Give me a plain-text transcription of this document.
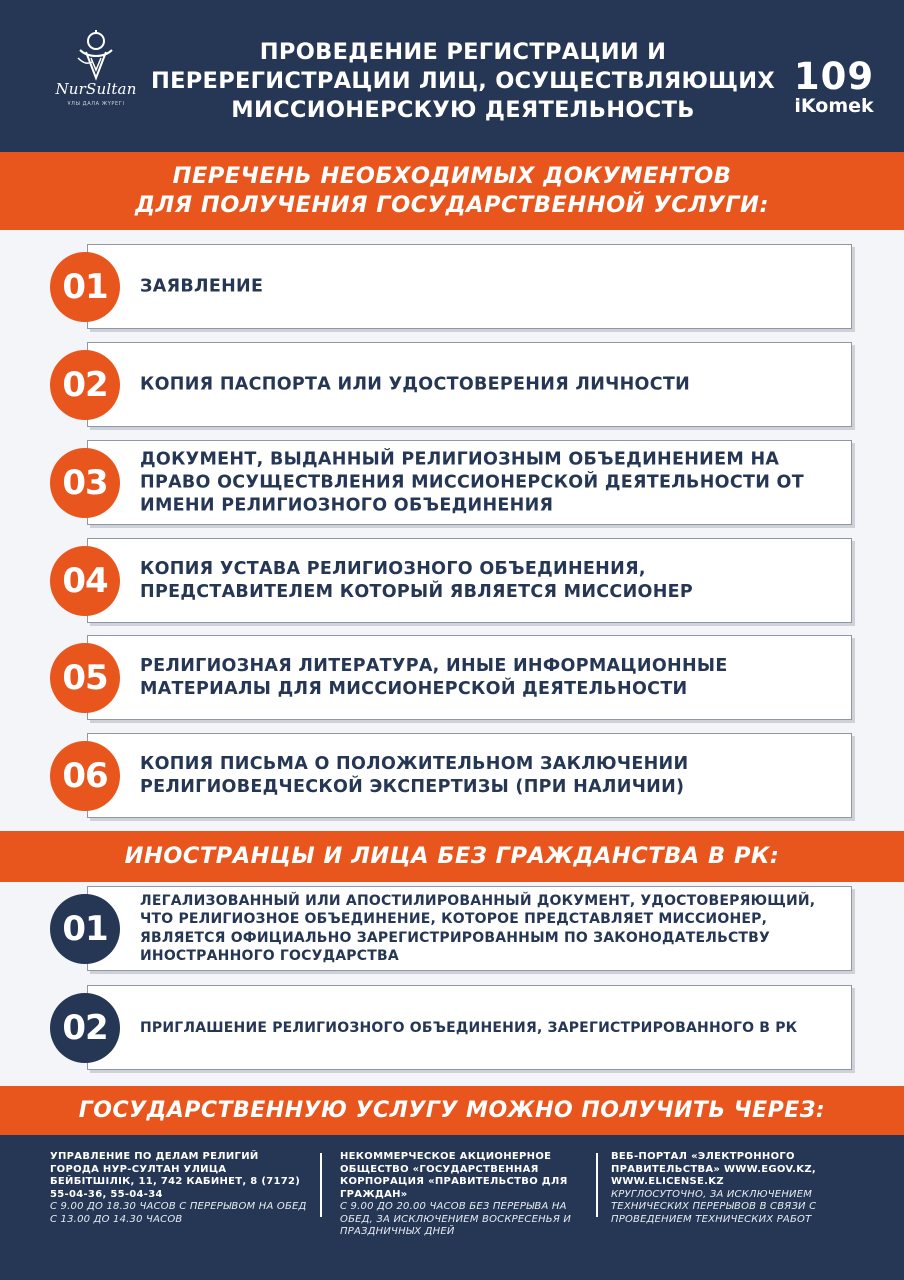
NurSultan
ҰЛЫ ДАЛА ЖҮРЕГІ
ПРОВЕДЕНИЕ РЕГИСТРАЦИИ И ПЕРЕРЕГИСТРАЦИИ ЛИЦ, ОСУЩЕСТВЛЯЮЩИХ МИССИОНЕРСКУЮ ДЕЯТЕЛЬНОСТЬ
109
iKomek
ПЕРЕЧЕНЬ НЕОБХОДИМЫХ ДОКУМЕНТОВ
ДЛЯ ПОЛУЧЕНИЯ ГОСУДАРСТВЕННОЙ УСЛУГИ:
ЗАЯВЛЕНИЕ
01
КОПИЯ ПАСПОРТА ИЛИ УДОСТОВЕРЕНИЯ ЛИЧНОСТИ
02
ДОКУМЕНТ, ВЫДАННЫЙ РЕЛИГИОЗНЫМ ОБЪЕДИНЕНИЕМ НА ПРАВО ОСУЩЕСТВЛЕНИЯ МИССИОНЕРСКОЙ ДЕЯТЕЛЬНОСТИ ОТ ИМЕНИ РЕЛИГИОЗНОГО ОБЪЕДИНЕНИЯ
03
КОПИЯ УСТАВА РЕЛИГИОЗНОГО ОБЪЕДИНЕНИЯ, ПРЕДСТАВИТЕЛЕМ КОТОРЫЙ ЯВЛЯЕТСЯ МИССИОНЕР
04
РЕЛИГИОЗНАЯ ЛИТЕРАТУРА, ИНЫЕ ИНФОРМАЦИОННЫЕ МАТЕРИАЛЫ ДЛЯ МИССИОНЕРСКОЙ ДЕЯТЕЛЬНОСТИ
05
КОПИЯ ПИСЬМА О ПОЛОЖИТЕЛЬНОМ ЗАКЛЮЧЕНИИ РЕЛИГИОВЕДЧЕСКОЙ ЭКСПЕРТИЗЫ (ПРИ НАЛИЧИИ)
06
ИНОСТРАНЦЫ И ЛИЦА БЕЗ ГРАЖДАНСТВА В РК:
ЛЕГАЛИЗОВАННЫЙ ИЛИ АПОСТИЛИРОВАННЫЙ ДОКУМЕНТ, УДОСТОВЕРЯЮЩИЙ, ЧТО РЕЛИГИОЗНОЕ ОБЪЕДИНЕНИЕ, КОТОРОЕ ПРЕДСТАВЛЯЕТ МИССИОНЕР, ЯВЛЯЕТСЯ ОФИЦИАЛЬНО ЗАРЕГИСТРИРОВАННЫМ ПО ЗАКОНОДАТЕЛЬСТВУ ИНОСТРАННОГО ГОСУДАРСТВА
01
ПРИГЛАШЕНИЕ РЕЛИГИОЗНОГО ОБЪЕДИНЕНИЯ, ЗАРЕГИСТРИРОВАННОГО В РК
02
ГОСУДАРСТВЕННУЮ УСЛУГУ МОЖНО ПОЛУЧИТЬ ЧЕРЕЗ:
УПРАВЛЕНИЕ ПО ДЕЛАМ РЕЛИГИЙ ГОРОДА НУР-СУЛТАН УЛИЦА БЕЙБІТШІЛІК, 11, 742 КАБИНЕТ, 8 (7172) 55-04-36, 55-04-34
С 9.00 ДО 18.30 ЧАСОВ С ПЕРЕРЫВОМ НА ОБЕД С 13.00 ДО 14.30 ЧАСОВ
НЕКОММЕРЧЕСКОЕ АКЦИОНЕРНОЕ ОБЩЕСТВО «ГОСУДАРСТВЕННАЯ КОРПОРАЦИЯ «ПРАВИТЕЛЬСТВО ДЛЯ ГРАЖДАН»
С 9.00 ДО 20.00 ЧАСОВ БЕЗ ПЕРЕРЫВА НА ОБЕД, ЗА ИСКЛЮЧЕНИЕМ ВОСКРЕСЕНЬЯ И ПРАЗДНИЧНЫХ ДНЕЙ
ВЕБ-ПОРТАЛ «ЭЛЕКТРОННОГО ПРАВИТЕЛЬСТВА» WWW.EGOV.KZ, WWW.ELICENSE.KZ
КРУГЛОСУТОЧНО, ЗА ИСКЛЮЧЕНИЕМ ТЕХНИЧЕСКИХ ПЕРЕРЫВОВ В СВЯЗИ С ПРОВЕДЕНИЕМ ТЕХНИЧЕСКИХ РАБОТ
